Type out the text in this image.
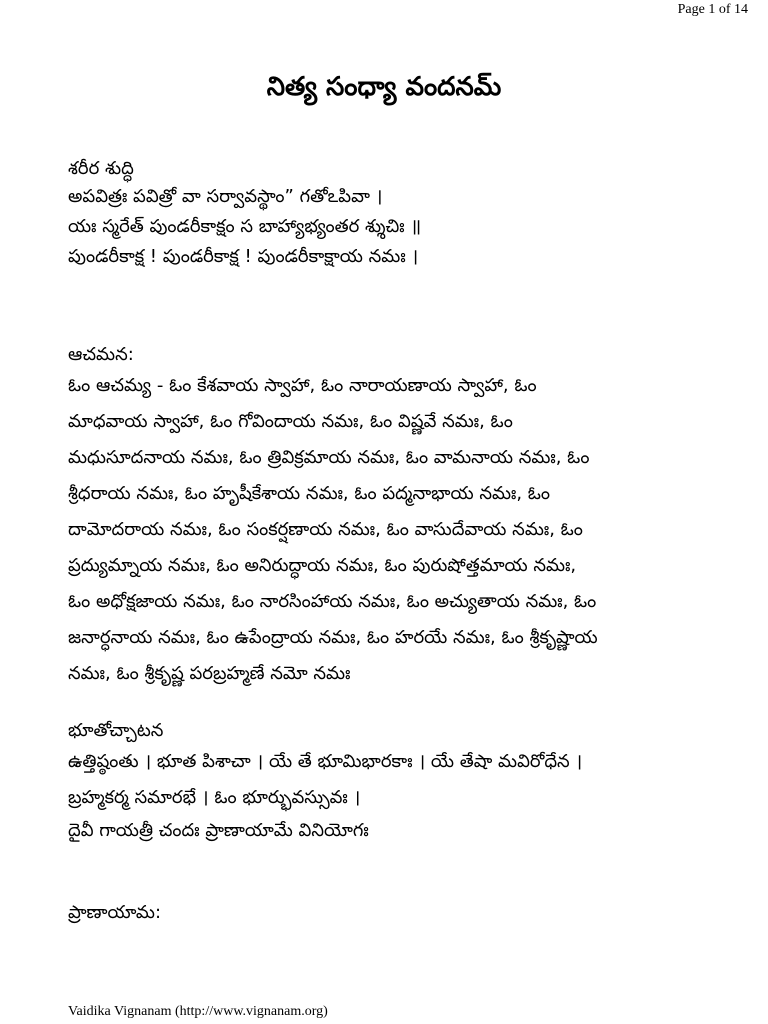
Page 1 of 14
నిత్య సంధ్యా వందనమ్
శరీర శుద్ధి
అపవిత్రః పవిత్రో వా సర్వావస్థాం” గతోఽపివా ।
యః స్మరేత్ పుండరీకాక్షం స బాహ్యాభ్యంతర శ్శుచిః ॥
పుండరీకాక్ష ! పుండరీకాక్ష ! పుండరీకాక్షాయ నమః ।
ఆచమన:
ఓం ఆచమ్య - ఓం కేశవాయ స్వాహా, ఓం నారాయణాయ స్వాహా, ఓం
మాధవాయ స్వాహా, ఓం గోవిందాయ నమః, ఓం విష్ణవే నమః, ఓం
మధుసూదనాయ నమః, ఓం త్రివిక్రమాయ నమః, ఓం వామనాయ నమః, ఓం
శ్రీధరాయ నమః, ఓం హృషీకేశాయ నమః, ఓం పద్మనాభాయ నమః, ఓం
దామోదరాయ నమః, ఓం సంకర్షణాయ నమః, ఓం వాసుదేవాయ నమః, ఓం
ప్రద్యుమ్నాయ నమః, ఓం అనిరుద్ధాయ నమః, ఓం పురుషోత్తమాయ నమః,
ఓం అధోక్షజాయ నమః, ఓం నారసింహాయ నమః, ఓం అచ్యుతాయ నమః, ఓం
జనార్ధనాయ నమః, ఓం ఉపేంద్రాయ నమః, ఓం హరయే నమః, ఓం శ్రీకృష్ణాయ
నమః, ఓం శ్రీకృష్ణ పరబ్రహ్మణే నమో నమః
భూతోచ్చాటన
ఉత్తిష్ఠంతు । భూత పిశాచా । యే తే భూమిభారకాః । యే తేషా మవిరోధేన ।
బ్రహ్మకర్మ సమారభే । ఓం భూర్భువస్సువః ।
దైవీ గాయత్రీ చందః ప్రాణాయామే వినియోగః
ప్రాణాయామ:
Vaidika Vignanam (http://www.vignanam.org)
